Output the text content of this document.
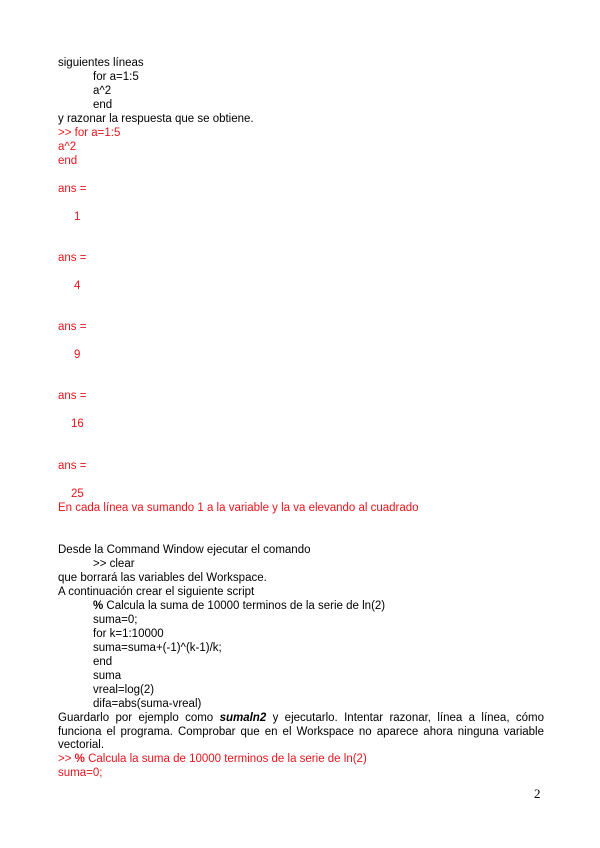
siguientes líneas
for a=1:5
a^2
end
y razonar la respuesta que se obtiene.
>> for a=1:5
a^2
end
ans =
1
ans =
4
ans =
9
ans =
16
ans =
25
En cada línea va sumando 1 a la variable y la va elevando al cuadrado
Desde la Command Window ejecutar el comando
>> clear
que borrará las variables del Workspace.
A continuación crear el siguiente script
% Calcula la suma de 10000 terminos de la serie de ln(2)
suma=0;
for k=1:10000
suma=suma+(-1)^(k-1)/k;
end
suma
vreal=log(2)
difa=abs(suma-vreal)
Guardarlo por ejemplo como sumaln2 y ejecutarlo. Intentar razonar, línea a línea, cómo funciona el programa. Comprobar que en el Workspace no aparece ahora ninguna variable vectorial.
>> % Calcula la suma de 10000 terminos de la serie de ln(2)
suma=0;
2
